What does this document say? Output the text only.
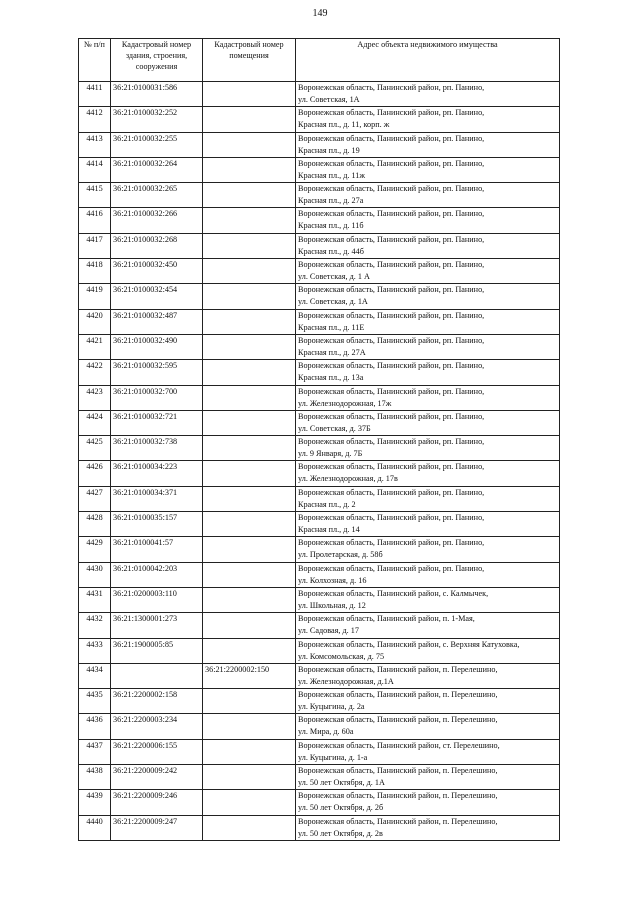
149
№ п/п	Кадастровый номер здания, строения, сооружения	Кадастровый номер помещения	Адрес объекта недвижимого имущества
4411	36:21:0100031:586		Воронежская область, Панинский район, рп. Панино,
ул. Советская, 1А

4412	36:21:0100032:252		Воронежская область, Панинский район, рп. Панино,
Красная пл., д. 11, корп. ж

4413	36:21:0100032:255		Воронежская область, Панинский район, рп. Панино,
Красная пл., д. 19

4414	36:21:0100032:264		Воронежская область, Панинский район, рп. Панино,
Красная пл., д. 11ж

4415	36:21:0100032:265		Воронежская область, Панинский район, рп. Панино,
Красная пл., д. 27а

4416	36:21:0100032:266		Воронежская область, Панинский район, рп. Панино,
Красная пл., д. 11б

4417	36:21:0100032:268		Воронежская область, Панинский район, рп. Панино,
Красная пл., д. 44б

4418	36:21:0100032:450		Воронежская область, Панинский район, рп. Панино,
ул. Советская, д. 1 А

4419	36:21:0100032:454		Воронежская область, Панинский район, рп. Панино,
ул. Советская, д. 1А

4420	36:21:0100032:487		Воронежская область, Панинский район, рп. Панино,
Красная пл., д. 11Е

4421	36:21:0100032:490		Воронежская область, Панинский район, рп. Панино,
Красная пл., д. 27А

4422	36:21:0100032:595		Воронежская область, Панинский район, рп. Панино,
Красная пл., д. 13а

4423	36:21:0100032:700		Воронежская область, Панинский район, рп. Панино,
ул. Железнодорожная, 17ж

4424	36:21:0100032:721		Воронежская область, Панинский район, рп. Панино,
ул. Советская, д. 37Б

4425	36:21:0100032:738		Воронежская область, Панинский район, рп. Панино,
ул. 9 Января, д. 7Б

4426	36:21:0100034:223		Воронежская область, Панинский район, рп. Панино,
ул. Железнодорожная, д. 17в

4427	36:21:0100034:371		Воронежская область, Панинский район, рп. Панино,
Красная пл., д. 2

4428	36:21:0100035:157		Воронежская область, Панинский район, рп. Панино,
Красная пл., д. 14

4429	36:21:0100041:57		Воронежская область, Панинский район, рп. Панино,
ул. Пролетарская, д. 58б

4430	36:21:0100042:203		Воронежская область, Панинский район, рп. Панино,
ул. Колхозная, д. 16

4431	36:21:0200003:110		Воронежская область, Панинский район, с. Калмычек,
ул. Школьная, д. 12

4432	36:21:1300001:273		Воронежская область, Панинский район, п. 1-Мая,
ул. Садовая, д. 17

4433	36:21:1900005:85		Воронежская область, Панинский район, с. Верхняя Катуховка,
ул. Комсомольская, д. 75

4434		36:21:2200002:150	Воронежская область, Панинский район, п. Перелешино,
ул. Железнодорожная, д.1А

4435	36:21:2200002:158		Воронежская область, Панинский район, п. Перелешино,
ул. Куцыгина, д. 2а

4436	36:21:2200003:234		Воронежская область, Панинский район, п. Перелешино,
ул. Мира, д. 60а

4437	36:21:2200006:155		Воронежская область, Панинский район, ст. Перелешино,
ул. Куцыгина, д. 1-а

4438	36:21:2200009:242		Воронежская область, Панинский район, п. Перелешино,
ул. 50 лет Октября, д. 1А

4439	36:21:2200009:246		Воронежская область, Панинский район, п. Перелешино,
ул. 50 лет Октября, д. 2б

4440	36:21:2200009:247		Воронежская область, Панинский район, п. Перелешино,
ул. 50 лет Октября, д. 2в
